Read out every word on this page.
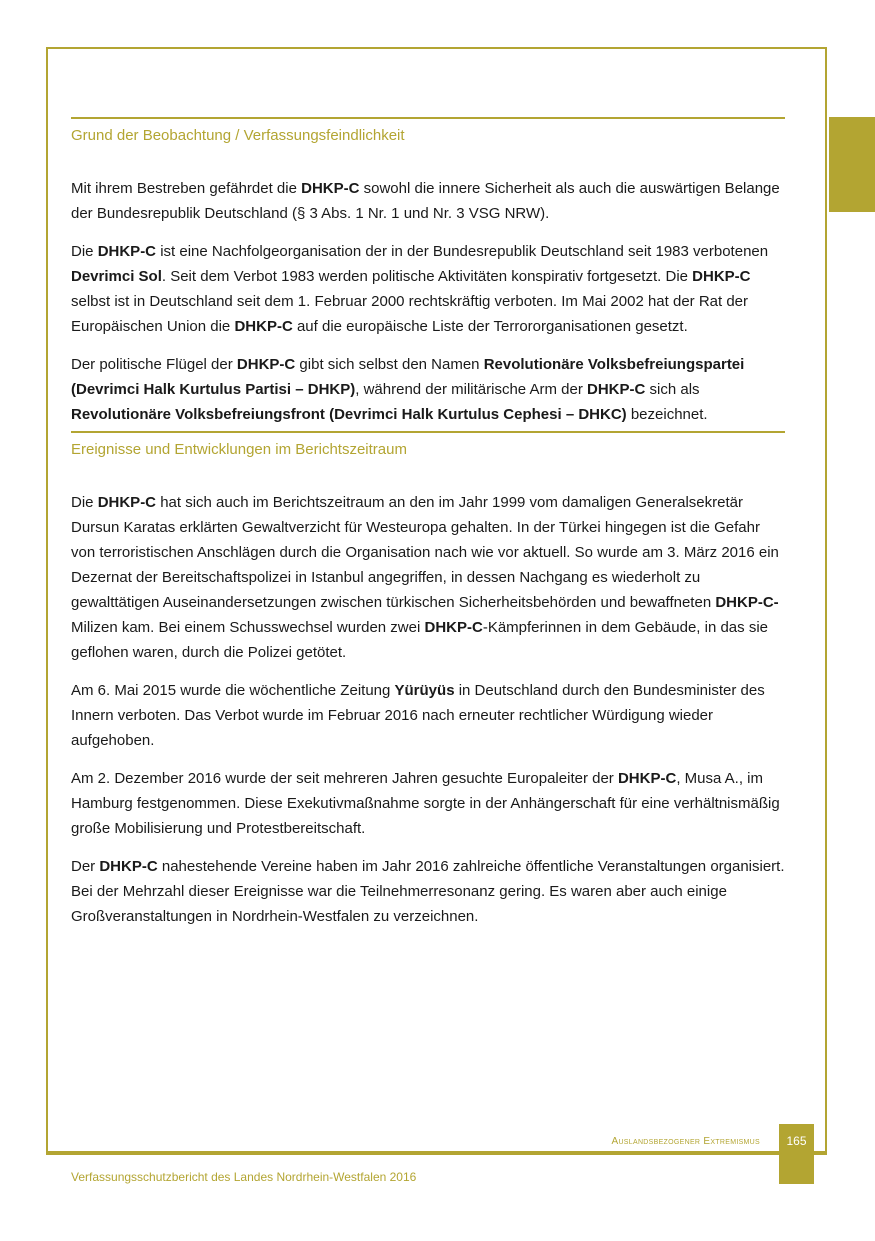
Grund der Beobachtung / Verfassungsfeindlichkeit

Mit ihrem Bestreben gefährdet die DHKP-C sowohl die innere Sicherheit als auch die auswärtigen Belange der Bundesrepublik Deutschland (§ 3 Abs. 1 Nr. 1 und Nr. 3 VSG NRW).

Die DHKP-C ist eine Nachfolgeorganisation der in der Bundesrepublik Deutschland seit 1983 verbotenen Devrimci Sol. Seit dem Verbot 1983 werden politische Aktivitäten konspirativ fortgesetzt. Die DHKP-C selbst ist in Deutschland seit dem 1. Februar 2000 rechtskräftig verboten. Im Mai 2002 hat der Rat der Europäischen Union die DHKP-C auf die europäische Liste der Terrororganisationen gesetzt.

Der politische Flügel der DHKP-C gibt sich selbst den Namen Revolutionäre Volksbefreiungspartei (Devrimci Halk Kurtulus Partisi – DHKP), während der militärische Arm der DHKP-C sich als Revolutionäre Volksbefreiungsfront (Devrimci Halk Kurtulus Cephesi – DHKC) bezeichnet.

Ereignisse und Entwicklungen im Berichtszeitraum

Die DHKP-C hat sich auch im Berichtszeitraum an den im Jahr 1999 vom damaligen Generalsekretär Dursun Karatas erklärten Gewaltverzicht für Westeuropa gehalten. In der Türkei hingegen ist die Gefahr von terroristischen Anschlägen durch die Organisation nach wie vor aktuell. So wurde am 3. März 2016 ein Dezernat der Bereitschaftspolizei in Istanbul angegriffen, in dessen Nachgang es wiederholt zu gewalttätigen Auseinandersetzungen zwischen türkischen Sicherheitsbehörden und bewaffneten DHKP-C-Milizen kam. Bei einem Schusswechsel wurden zwei DHKP-C-Kämpferinnen in dem Gebäude, in das sie geflohen waren, durch die Polizei getötet.

Am 6. Mai 2015 wurde die wöchentliche Zeitung Yürüyüs in Deutschland durch den Bundesminister des Innern verboten. Das Verbot wurde im Februar 2016 nach erneuter rechtlicher Würdigung wieder aufgehoben.

Am 2. Dezember 2016 wurde der seit mehreren Jahren gesuchte Europaleiter der DHKP-C, Musa A., im Hamburg festgenommen. Diese Exekutivmaßnahme sorgte in der Anhängerschaft für eine verhältnismäßig große Mobilisierung und Protestbereitschaft.

Der DHKP-C nahestehende Vereine haben im Jahr 2016 zahlreiche öffentliche Veranstaltungen organisiert. Bei der Mehrzahl dieser Ereignisse war die Teilnehmerresonanz gering. Es waren aber auch einige Großveranstaltungen in Nordrhein-Westfalen zu verzeichnen.

Auslandsbezogener Extremismus	165
Verfassungsschutzbericht des Landes Nordrhein-Westfalen 2016
